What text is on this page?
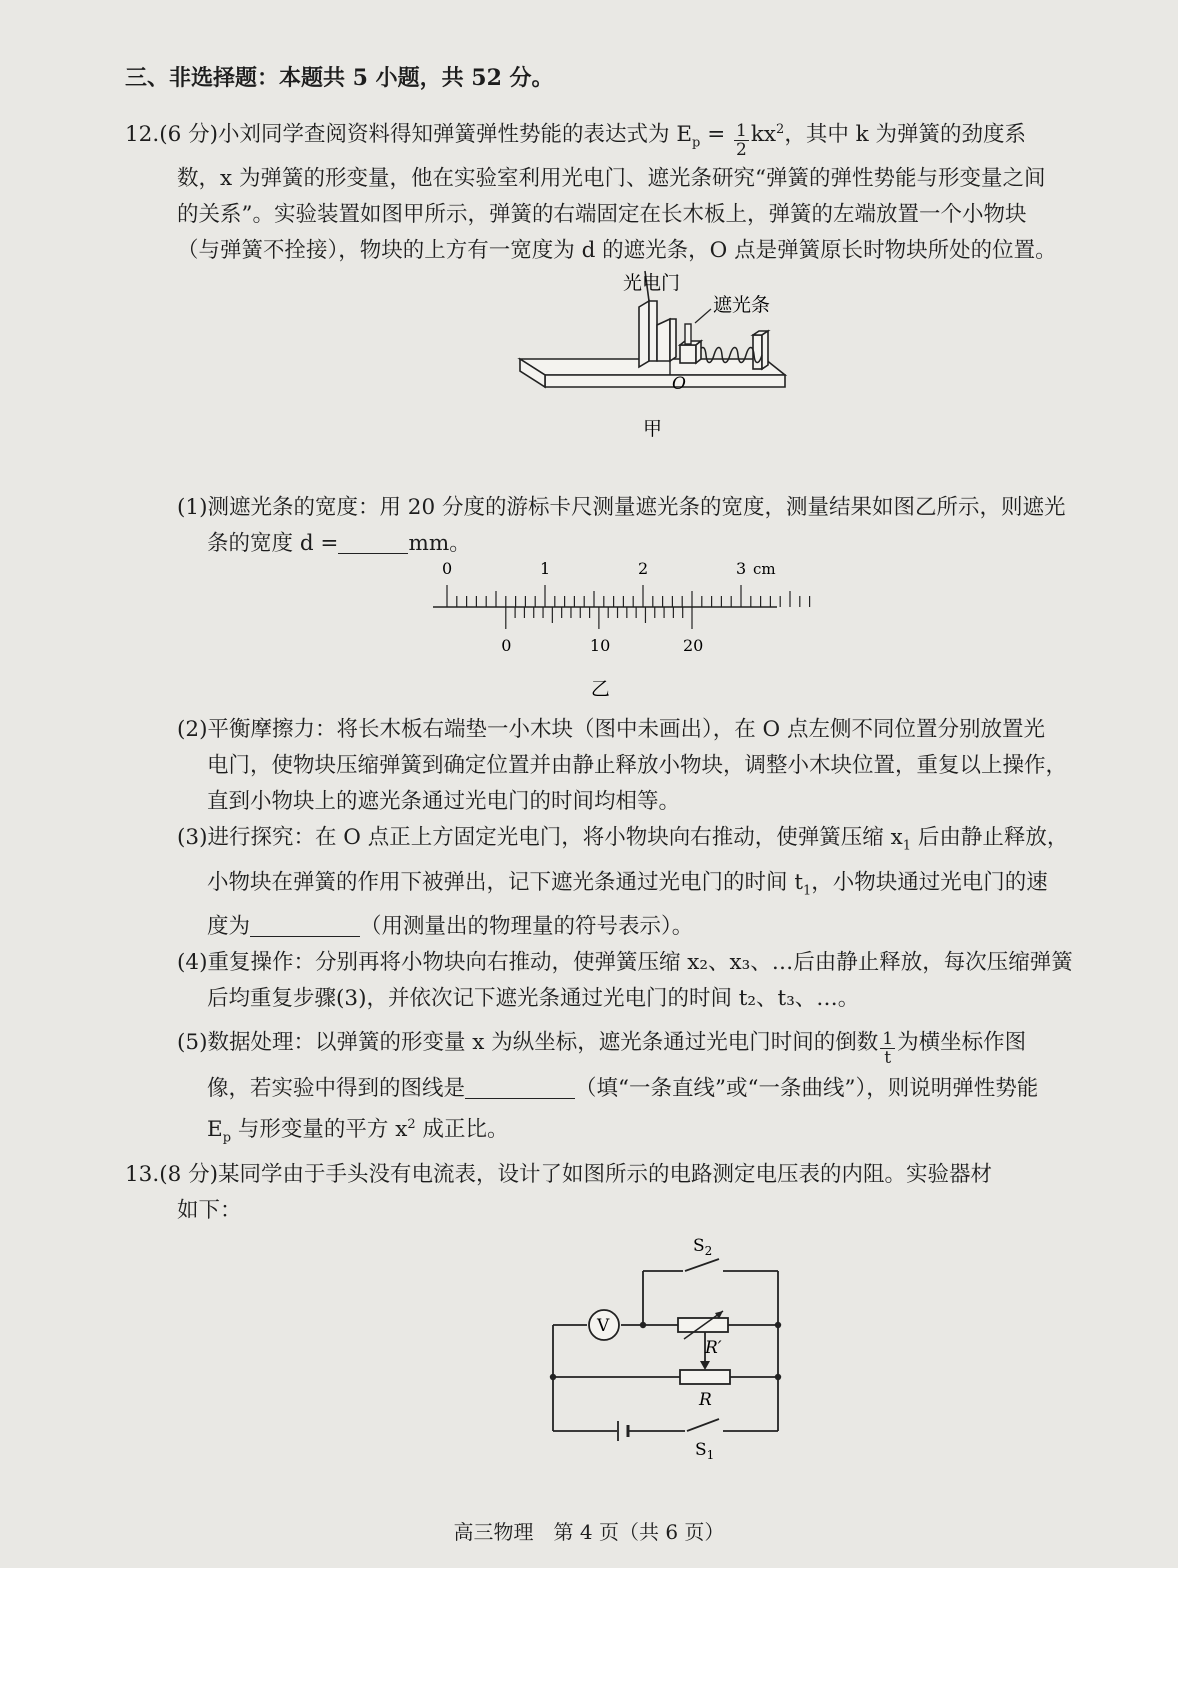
三、非选择题：本题共 5 小题，共 52 分。
12.(6 分)小刘同学查阅资料得知弹簧弹性势能的表达式为 $E_p = \frac{1}{2} kx^2$，其中 k 为弹簧的劲度系
数，x 为弹簧的形变量，他在实验室利用光电门、遮光条研究“弹簧的弹性势能与形变量之间
的关系”。实验装置如图甲所示，弹簧的右端固定在长木板上，弹簧的左端放置一个小物块
（与弹簧不拴接），物块的上方有一宽度为 d 的遮光条，O 点是弹簧原长时物块所处的位置。
O
光电门
遮光条
甲
(1)测遮光条的宽度：用 20 分度的游标卡尺测量遮光条的宽度，测量结果如图乙所示，则遮光
条的宽度 d =	mm。
0	1	2	3 cm
0	10	20
乙
(2)平衡摩擦力：将长木板右端垫一小木块（图中未画出），在 O 点左侧不同位置分别放置光
电门，使物块压缩弹簧到确定位置并由静止释放小物块，调整小木块位置，重复以上操作，
直到小物块上的遮光条通过光电门的时间均相等。
(3)进行探究：在 O 点正上方固定光电门，将小物块向右推动，使弹簧压缩 $x_1$ 后由静止释放，
小物块在弹簧的作用下被弹出，记下遮光条通过光电门的时间 $t_1$，小物块通过光电门的速
度为	（用测量出的物理量的符号表示）。
(4)重复操作：分别再将小物块向右推动，使弹簧压缩 x₂、x₃、…后由静止释放，每次压缩弹簧
后均重复步骤(3)，并依次记下遮光条通过光电门的时间 t₂、t₃、…。
(5)数据处理：以弹簧的形变量 x 为纵坐标，遮光条通过光电门时间的倒数 $\frac{1}{t}$ 为横坐标作图
像，若实验中得到的图线是	（填“一条直线”或“一条曲线”），则说明弹性势能
$E_p$ 与形变量的平方 $x^2$ 成正比。
13.(8 分)某同学由于手头没有电流表，设计了如图所示的电路测定电压表的内阻。实验器材
如下：
V
R′
R
$S_2$
$S_1$
高三物理　第 4 页（共 6 页）
